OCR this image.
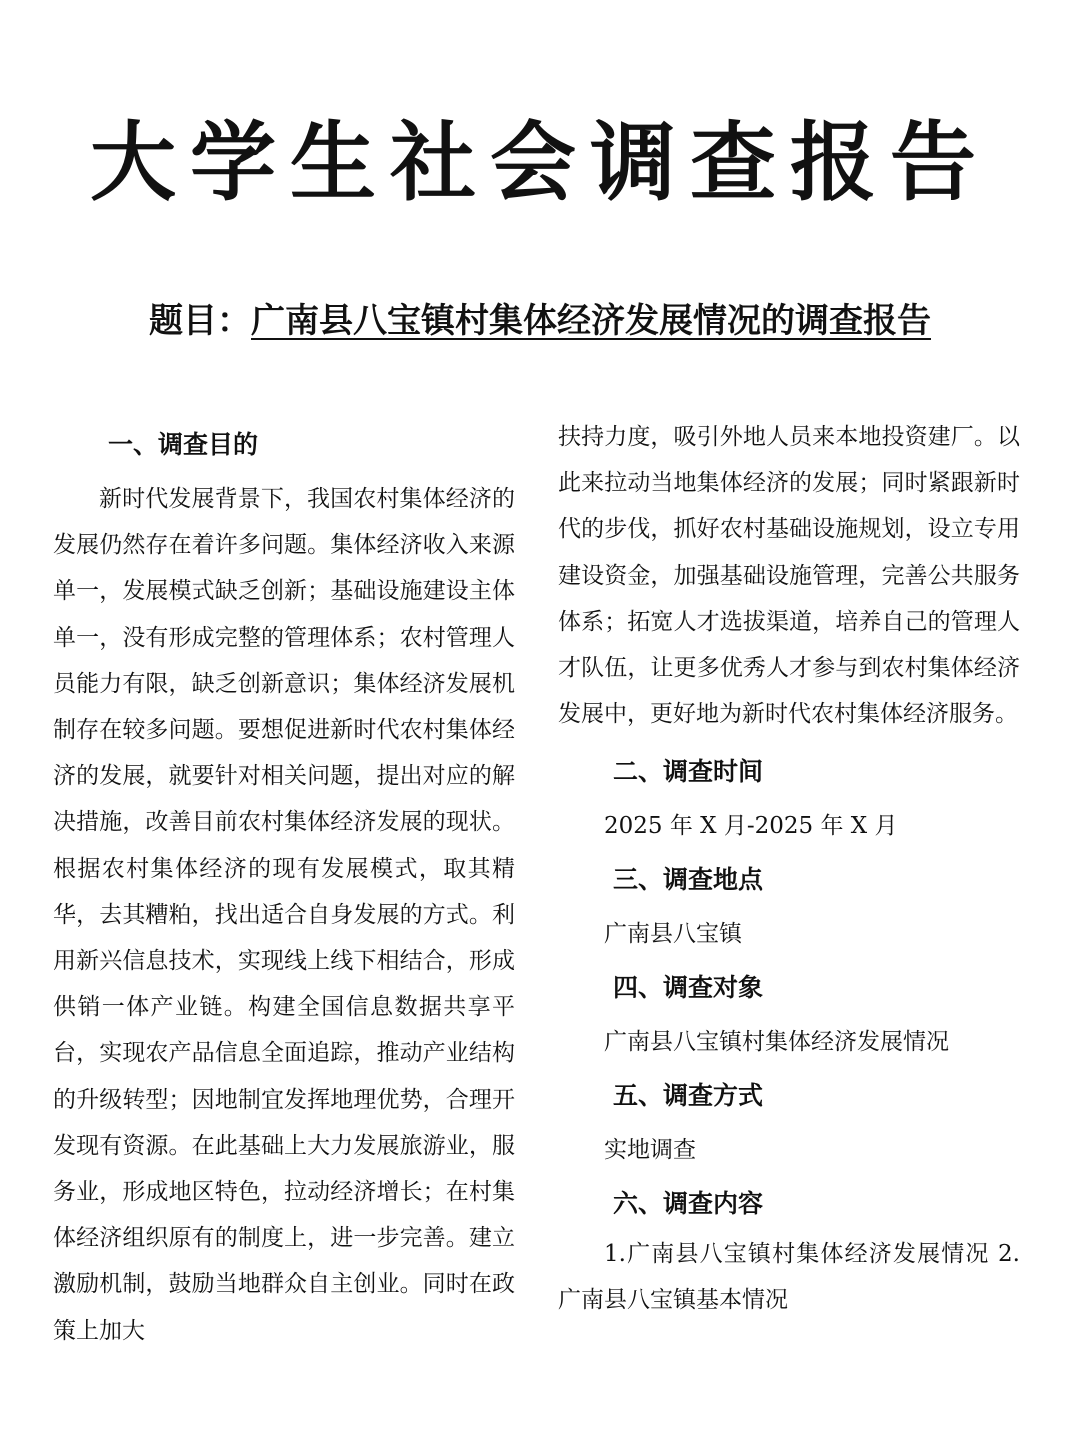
大学生社会调查报告
题目：广南县八宝镇村集体经济发展情况的调查报告
一、调查目的

新时代发展背景下，我国农村集体经济的发展仍然存在着许多问题。集体经济收入来源单一，发展模式缺乏创新；基础设施建设主体单一，没有形成完整的管理体系；农村管理人员能力有限，缺乏创新意识；集体经济发展机制存在较多问题。要想促进新时代农村集体经济的发展，就要针对相关问题，提出对应的解决措施，改善目前农村集体经济发展的现状。根据农村集体经济的现有发展模式，取其精华，去其糟粕，找出适合自身发展的方式。利用新兴信息技术，实现线上线下相结合，形成供销一体产业链。构建全国信息数据共享平台，实现农产品信息全面追踪，推动产业结构的升级转型；因地制宜发挥地理优势，合理开发现有资源。在此基础上大力发展旅游业，服务业，形成地区特色，拉动经济增长；在村集体经济组织原有的制度上，进一步完善。建立激励机制，鼓励当地群众自主创业。同时在政策上加大

扶持力度，吸引外地人员来本地投资建厂。以此来拉动当地集体经济的发展；同时紧跟新时代的步伐，抓好农村基础设施规划，设立专用建设资金，加强基础设施管理，完善公共服务体系；拓宽人才选拔渠道，培养自己的管理人才队伍，让更多优秀人才参与到农村集体经济发展中，更好地为新时代农村集体经济服务。

二、调查时间

2025 年 X 月-2025 年 X 月

三、调查地点

广南县八宝镇

四、调查对象

广南县八宝镇村集体经济发展情况

五、调查方式

实地调查

六、调查内容

1.广南县八宝镇村集体经济发展情况 2.广南县八宝镇基本情况
